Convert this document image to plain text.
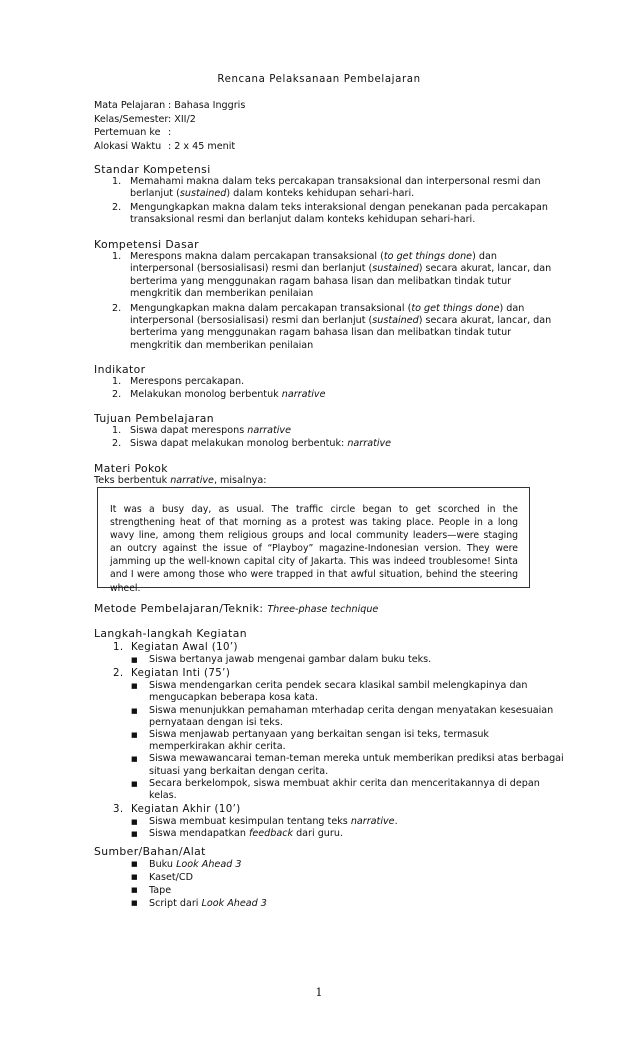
Rencana Pelaksanaan Pembelajaran
Mata Pelajaran : Bahasa Inggris
Kelas/Semester : XII/2
Pertemuan ke :
Alokasi Waktu : 2 x 45 menit
Standar Kompetensi
1. Memahami makna dalam teks percakapan transaksional dan interpersonal resmi dan berlanjut (sustained) dalam konteks kehidupan sehari-hari.
2. Mengungkapkan makna dalam teks interaksional dengan penekanan pada percakapan transaksional resmi dan berlanjut dalam konteks kehidupan sehari-hari.
Kompetensi Dasar
1. Merespons makna dalam percakapan transaksional (to get things done) dan interpersonal (bersosialisasi) resmi dan berlanjut (sustained) secara akurat, lancar, dan berterima yang menggunakan ragam bahasa lisan dan melibatkan tindak tutur mengkritik dan memberikan penilaian
2. Mengungkapkan makna dalam percakapan transaksional (to get things done) dan interpersonal (bersosialisasi) resmi dan berlanjut (sustained) secara akurat, lancar, dan berterima yang menggunakan ragam bahasa lisan dan melibatkan tindak tutur mengkritik dan memberikan penilaian
Indikator
1. Merespons percakapan.
2. Melakukan monolog berbentuk narrative
Tujuan Pembelajaran
1. Siswa dapat merespons narrative
2. Siswa dapat melakukan monolog berbentuk: narrative
Materi Pokok
Teks berbentuk narrative, misalnya:

It was a busy day, as usual. The traffic circle began to get scorched in the strengthening heat of that morning as a protest was taking place. People in a long wavy line, among them religious groups and local community leaders—were staging an outcry against the issue of “Playboy” magazine-Indonesian version. They were jamming up the well-known capital city of Jakarta. This was indeed troublesome! Sinta and I were among those who were trapped in that awful situation, behind the steering wheel.

Metode Pembelajaran/Teknik: Three-phase technique
Langkah-langkah Kegiatan
1. Kegiatan Awal (10’)
■	Siswa bertanya jawab mengenai gambar dalam buku teks.
2. Kegiatan Inti (75’)
■	Siswa mendengarkan cerita pendek secara klasikal sambil melengkapinya dan mengucapkan beberapa kosa kata.
■	Siswa menunjukkan pemahaman mterhadap cerita dengan menyatakan kesesuaian pernyataan dengan isi teks.
■	Siswa menjawab pertanyaan yang berkaitan sengan isi teks, termasuk memperkirakan akhir cerita.
■	Siswa mewawancarai teman-teman mereka untuk memberikan prediksi atas berbagai situasi yang berkaitan dengan cerita.
■	Secara berkelompok, siswa membuat akhir cerita dan menceritakannya di depan kelas.
3. Kegiatan Akhir (10’)
■	Siswa membuat kesimpulan tentang teks narrative.
■	Siswa mendapatkan feedback dari guru.
Sumber/Bahan/Alat
■	Buku
Look Ahead 3
■	Kaset/CD
■	Tape
■	Script dari
Look Ahead 3
1
